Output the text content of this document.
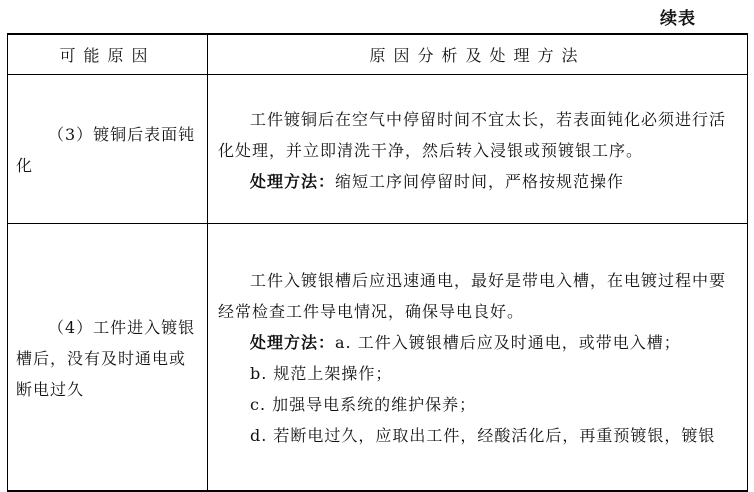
续表
可能原因	原因分析及处理方法

（3）镀铜后表面钝化	工件镀铜后在空气中停留时间不宜太长，若表面钝化必须进行活化处理，并立即清洗干净，然后转入浸银或预镀银工序。

处理方法：缩短工序间停留时间，严格按规范操作

（4）工件进入镀银槽后，没有及时通电或断电过久	工件入镀银槽后应迅速通电，最好是带电入槽，在电镀过程中要经常检查工件导电情况，确保导电良好。

处理方法：a. 工件入镀银槽后应及时通电，或带电入槽；

b. 规范上架操作；

c. 加强导电系统的维护保养；

d. 若断电过久，应取出工件，经酸活化后，再重预镀银，镀银
